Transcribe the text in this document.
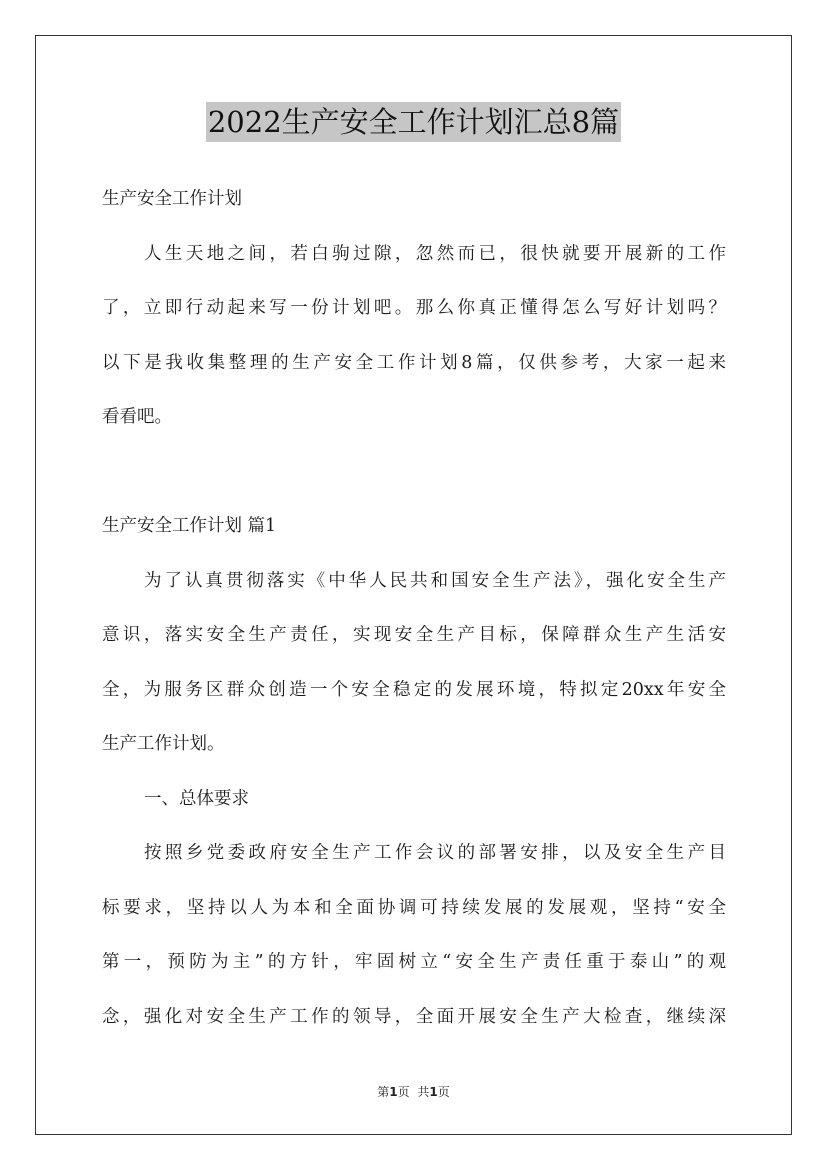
2022生产安全工作计划汇总8篇

生产安全工作计划

人生天地之间，若白驹过隙，忽然而已，很快就要开展新的工作

了，立即行动起来写一份计划吧。那么你真正懂得怎么写好计划吗？

以下是我收集整理的生产安全工作计划8篇，仅供参考，大家一起来

看看吧。

生产安全工作计划 篇1

为了认真贯彻落实《中华人民共和国安全生产法》，强化安全生产

意识，落实安全生产责任，实现安全生产目标，保障群众生产生活安

全，为服务区群众创造一个安全稳定的发展环境，特拟定20xx年安全

生产工作计划。

一、总体要求

按照乡党委政府安全生产工作会议的部署安排，以及安全生产目

标要求，坚持以人为本和全面协调可持续发展的发展观，坚持“安全

第一，预防为主”的方针，牢固树立“安全生产责任重于泰山”的观

念，强化对安全生产工作的领导，全面开展安全生产大检查，继续深

第1页 共1页
